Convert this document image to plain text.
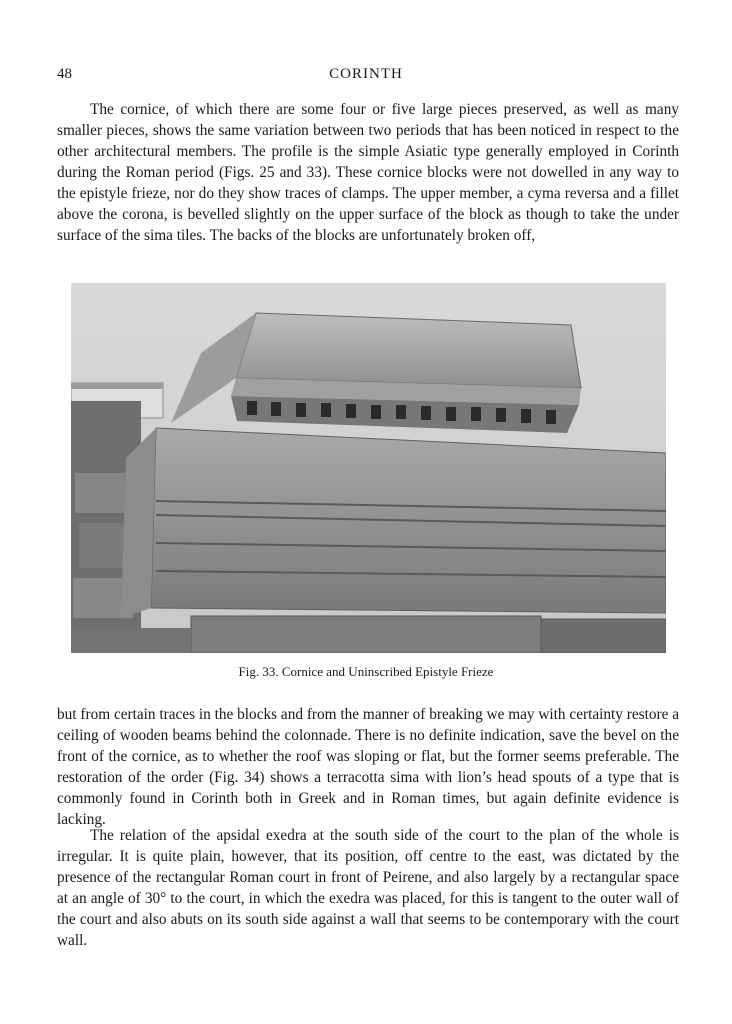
48	CORINTH

The cornice, of which there are some four or five large pieces preserved, as well as many smaller pieces, shows the same variation between two periods that has been noticed in respect to the other architectural members. The profile is the simple Asiatic type generally employed in Corinth during the Roman period (Figs. 25 and 33). These cornice blocks were not dowelled in any way to the epistyle frieze, nor do they show traces of clamps. The upper member, a cyma reversa and a fillet above the corona, is bevelled slightly on the upper surface of the block as though to take the under surface of the sima tiles. The backs of the blocks are unfortunately broken off,

Fig. 33. Cornice and Uninscribed Epistyle Frieze

but from certain traces in the blocks and from the manner of breaking we may with certainty restore a ceiling of wooden beams behind the colonnade. There is no definite indication, save the bevel on the front of the cornice, as to whether the roof was sloping or flat, but the former seems preferable. The restoration of the order (Fig. 34) shows a terracotta sima with lion’s head spouts of a type that is commonly found in Corinth both in Greek and in Roman times, but again definite evidence is lacking.

The relation of the apsidal exedra at the south side of the court to the plan of the whole is irregular. It is quite plain, however, that its position, off centre to the east, was dictated by the presence of the rectangular Roman court in front of Peirene, and also largely by a rectangular space at an angle of 30° to the court, in which the exedra was placed, for this is tangent to the outer wall of the court and also abuts on its south side against a wall that seems to be contemporary with the court wall.
